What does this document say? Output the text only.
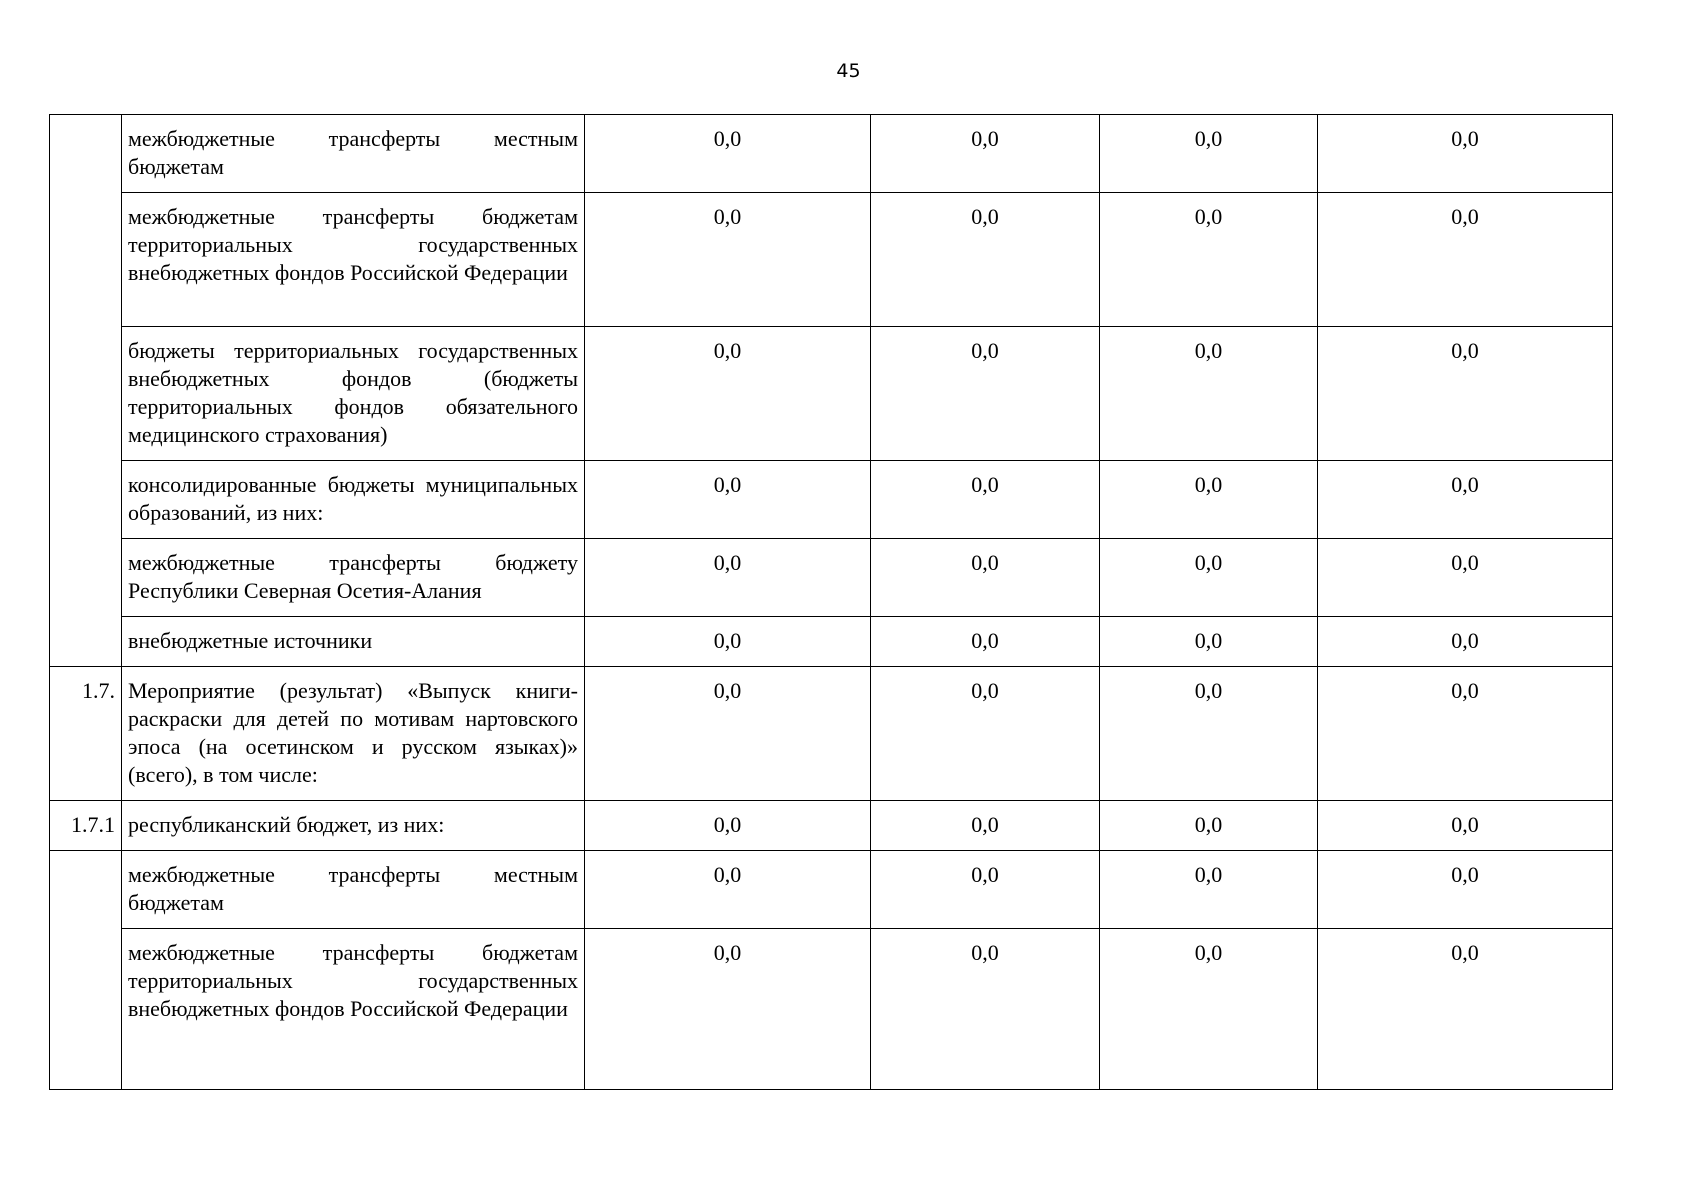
45
	межбюджетные трансферты местным бюджетам	0,0	0,0	0,0	0,0
	межбюджетные трансферты бюджетам территориальных государственных внебюджетных фондов Российской Федерации	0,0	0,0	0,0	0,0
	бюджеты территориальных государственных внебюджетных фондов (бюджеты территориальных фондов обязательного медицинского страхования)	0,0	0,0	0,0	0,0
	консолидированные бюджеты муниципальных образований, из них:	0,0	0,0	0,0	0,0
	межбюджетные трансферты бюджету Республики Северная Осетия-Алания	0,0	0,0	0,0	0,0
	внебюджетные источники	0,0	0,0	0,0	0,0
1.7.	Мероприятие (результат) «Выпуск книги-раскраски для детей по мотивам нартовского эпоса (на осетинском и русском языках)» (всего), в том числе:	0,0	0,0	0,0	0,0
1.7.1	республиканский бюджет, из них:	0,0	0,0	0,0	0,0
	межбюджетные трансферты местным бюджетам	0,0	0,0	0,0	0,0
	межбюджетные трансферты бюджетам территориальных государственных внебюджетных фондов Российской Федерации	0,0	0,0	0,0	0,0
